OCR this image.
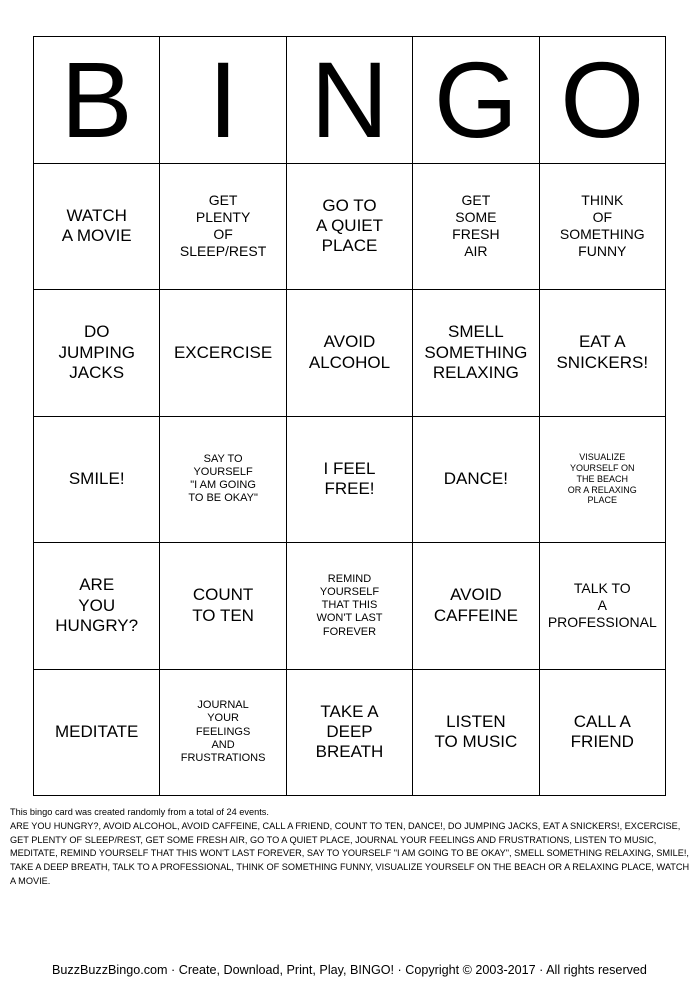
B I N G O
WATCH
A MOVIE
GET
PLENTY
OF
SLEEP/REST
GO TO
A QUIET
PLACE
GET
SOME
FRESH
AIR
THINK
OF
SOMETHING
FUNNY
DO
JUMPING
JACKS
EXCERCISE
AVOID
ALCOHOL
SMELL
SOMETHING
RELAXING
EAT A
SNICKERS!
SMILE!
SAY TO
YOURSELF
"I AM GOING
TO BE OKAY"
I FEEL
FREE!
DANCE!
VISUALIZE
YOURSELF ON
THE BEACH
OR A RELAXING
PLACE
ARE
YOU
HUNGRY?
COUNT
TO TEN
REMIND
YOURSELF
THAT THIS
WON'T LAST
FOREVER
AVOID
CAFFEINE
TALK TO
A
PROFESSIONAL
MEDITATE
JOURNAL
YOUR
FEELINGS
AND
FRUSTRATIONS
TAKE A
DEEP
BREATH
LISTEN
TO MUSIC
CALL A
FRIEND

This bingo card was created randomly from a total of 24 events.

ARE YOU HUNGRY?, AVOID ALCOHOL, AVOID CAFFEINE, CALL A FRIEND, COUNT TO TEN, DANCE!, DO JUMPING JACKS, EAT A SNICKERS!, EXCERCISE, GET PLENTY OF SLEEP/REST, GET SOME FRESH AIR, GO TO A QUIET PLACE, JOURNAL YOUR FEELINGS AND FRUSTRATIONS, LISTEN TO MUSIC, MEDITATE, REMIND YOURSELF THAT THIS WON'T LAST FOREVER, SAY TO YOURSELF "I AM GOING TO BE OKAY", SMELL SOMETHING RELAXING, SMILE!, TAKE A DEEP BREATH, TALK TO A PROFESSIONAL, THINK OF SOMETHING FUNNY, VISUALIZE YOURSELF ON THE BEACH OR A RELAXING PLACE, WATCH A MOVIE.

BuzzBuzzBingo.com · Create, Download, Print, Play, BINGO! · Copyright © 2003-2017 · All rights reserved
